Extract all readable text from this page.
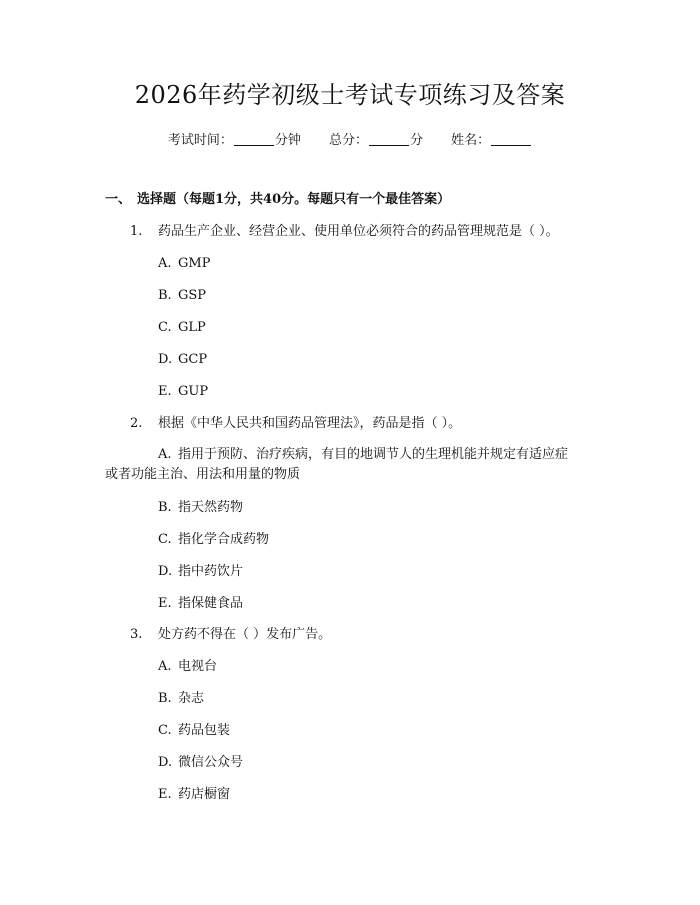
2026年药学初级士考试专项练习及答案
考试时间：	分钟 总分：	分 姓名：
一、 选择题（每题1分，共40分。每题只有一个最佳答案）
1. 药品生产企业、经营企业、使用单位必须符合的药品管理规范是（ ）。
A. GMP
B. GSP
C. GLP
D. GCP
E. GUP
2. 根据《中华人民共和国药品管理法》，药品是指（ ）。
A. 指用于预防、治疗疾病，有目的地调节人的生理机能并规定有适应症
或者功能主治、用法和用量的物质
B. 指天然药物
C. 指化学合成药物
D. 指中药饮片
E. 指保健食品
3. 处方药不得在（ ）发布广告。
A. 电视台
B. 杂志
C. 药品包装
D. 微信公众号
E. 药店橱窗
